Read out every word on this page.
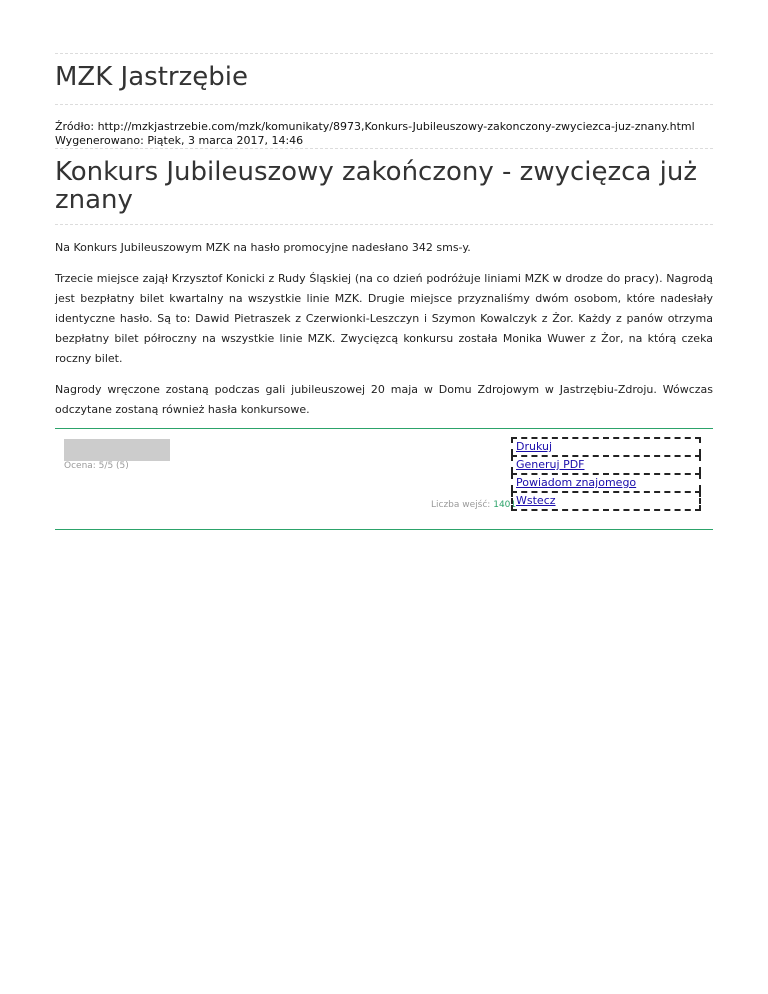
MZK Jastrzębie
Źródło: http://mzkjastrzebie.com/mzk/komunikaty/8973,Konkurs-Jubileuszowy-zakonczony-zwyciezca-juz-znany.html
Wygenerowano: Piątek, 3 marca 2017, 14:46
Konkurs Jubileuszowy zakończony - zwycięzca już znany

Na Konkurs Jubileuszowym MZK na hasło promocyjne nadesłano 342 sms-y.

Trzecie miejsce zajął Krzysztof Konicki z Rudy Śląskiej (na co dzień podróżuje liniami MZK w drodze do pracy). Nagrodą jest bezpłatny bilet kwartalny na wszystkie linie MZK. Drugie miejsce przyznaliśmy dwóm osobom, które nadesłały identyczne hasło. Są to: Dawid Pietraszek z Czerwionki-Leszczyn i Szymon Kowalczyk z Żor. Każdy z panów otrzyma bezpłatny bilet półroczny na wszystkie linie MZK. Zwycięzcą konkursu została Monika Wuwer z Żor, na którą czeka roczny bilet.

Nagrody wręczone zostaną podczas gali jubileuszowej 20 maja w Domu Zdrojowym w Jastrzębiu-Zdroju. Wówczas odczytane zostaną również hasła konkursowe.

Ocena: 5/5 (5)
Liczba wejść: 1401
Drukuj
Generuj PDF
Powiadom znajomego
Wstecz
